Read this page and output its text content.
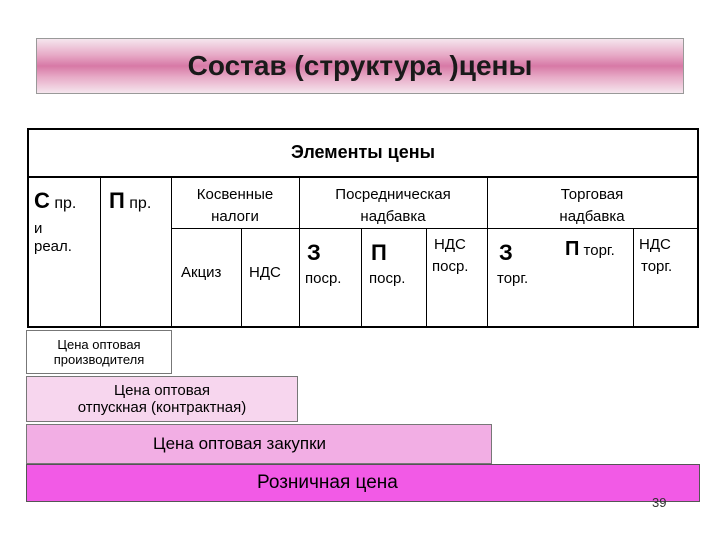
Состав (структура )цены
Элементы цены
С пр.
и
реал.
П пр.
Косвенные
налоги
Акциз НДС
Посредническая
надбавка
З
поср.
П
поср.
НДС
поср.
Торговая
надбавка
З
торг.
П торг. НДС
торг.
Цена оптовая
производителя
Цена оптовая
отпускная (контрактная)
Цена оптовая закупки
Розничная цена
39
